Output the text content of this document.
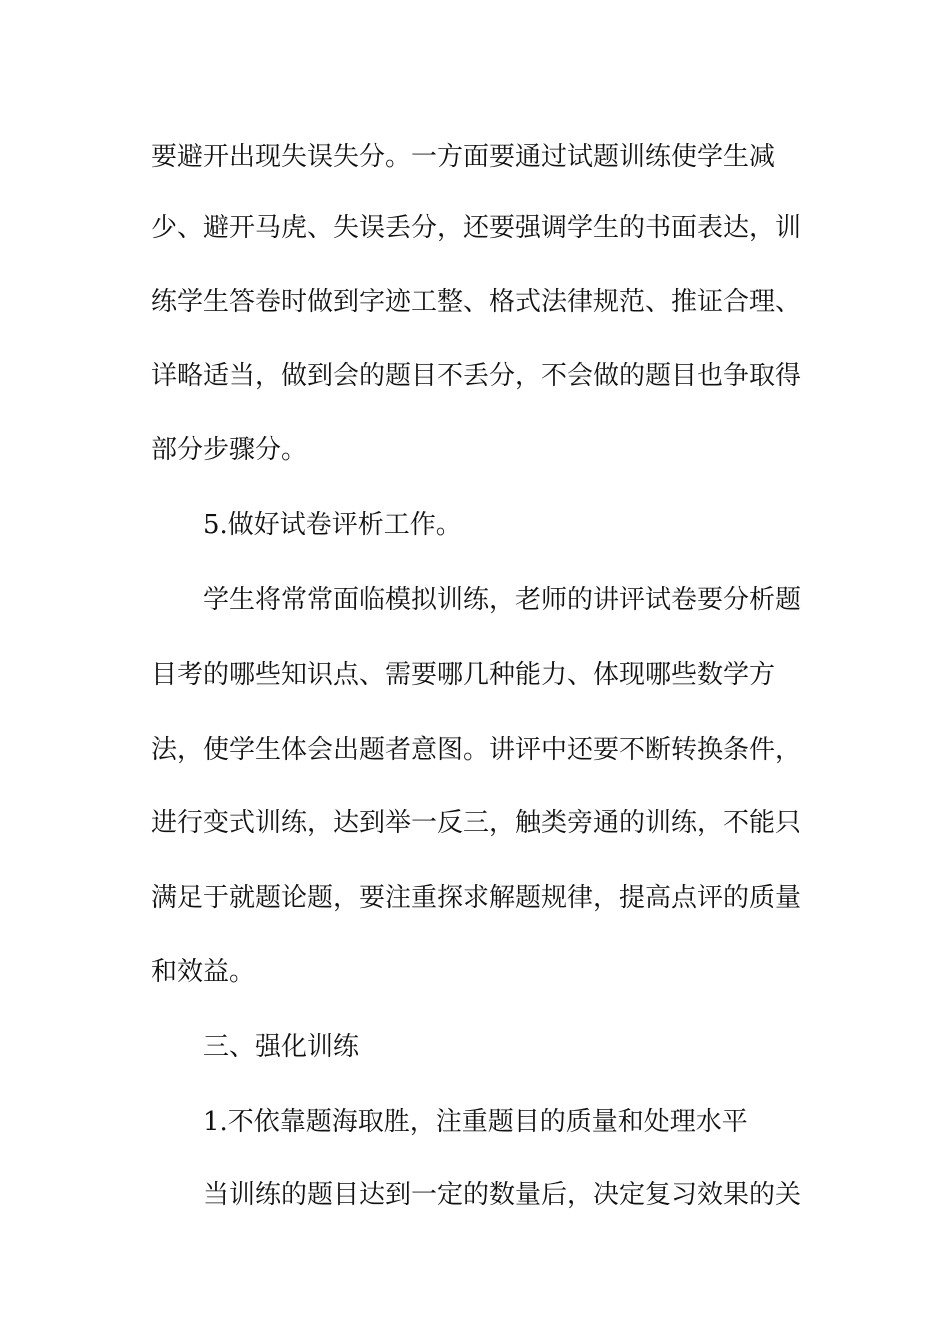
要避开出现失误失分。一方面要通过试题训练使学生减
少、避开马虎、失误丢分，还要强调学生的书面表达，训
练学生答卷时做到字迹工整、格式法律规范、推证合理、
详略适当，做到会的题目不丢分，不会做的题目也争取得
部分步骤分。
5.做好试卷评析工作。
学生将常常面临模拟训练，老师的讲评试卷要分析题
目考的哪些知识点、需要哪几种能力、体现哪些数学方
法，使学生体会出题者意图。讲评中还要不断转换条件，
进行变式训练，达到举一反三，触类旁通的训练，不能只
满足于就题论题，要注重探求解题规律，提高点评的质量
和效益。
三、强化训练
1.不依靠题海取胜，注重题目的质量和处理水平
当训练的题目达到一定的数量后，决定复习效果的关
